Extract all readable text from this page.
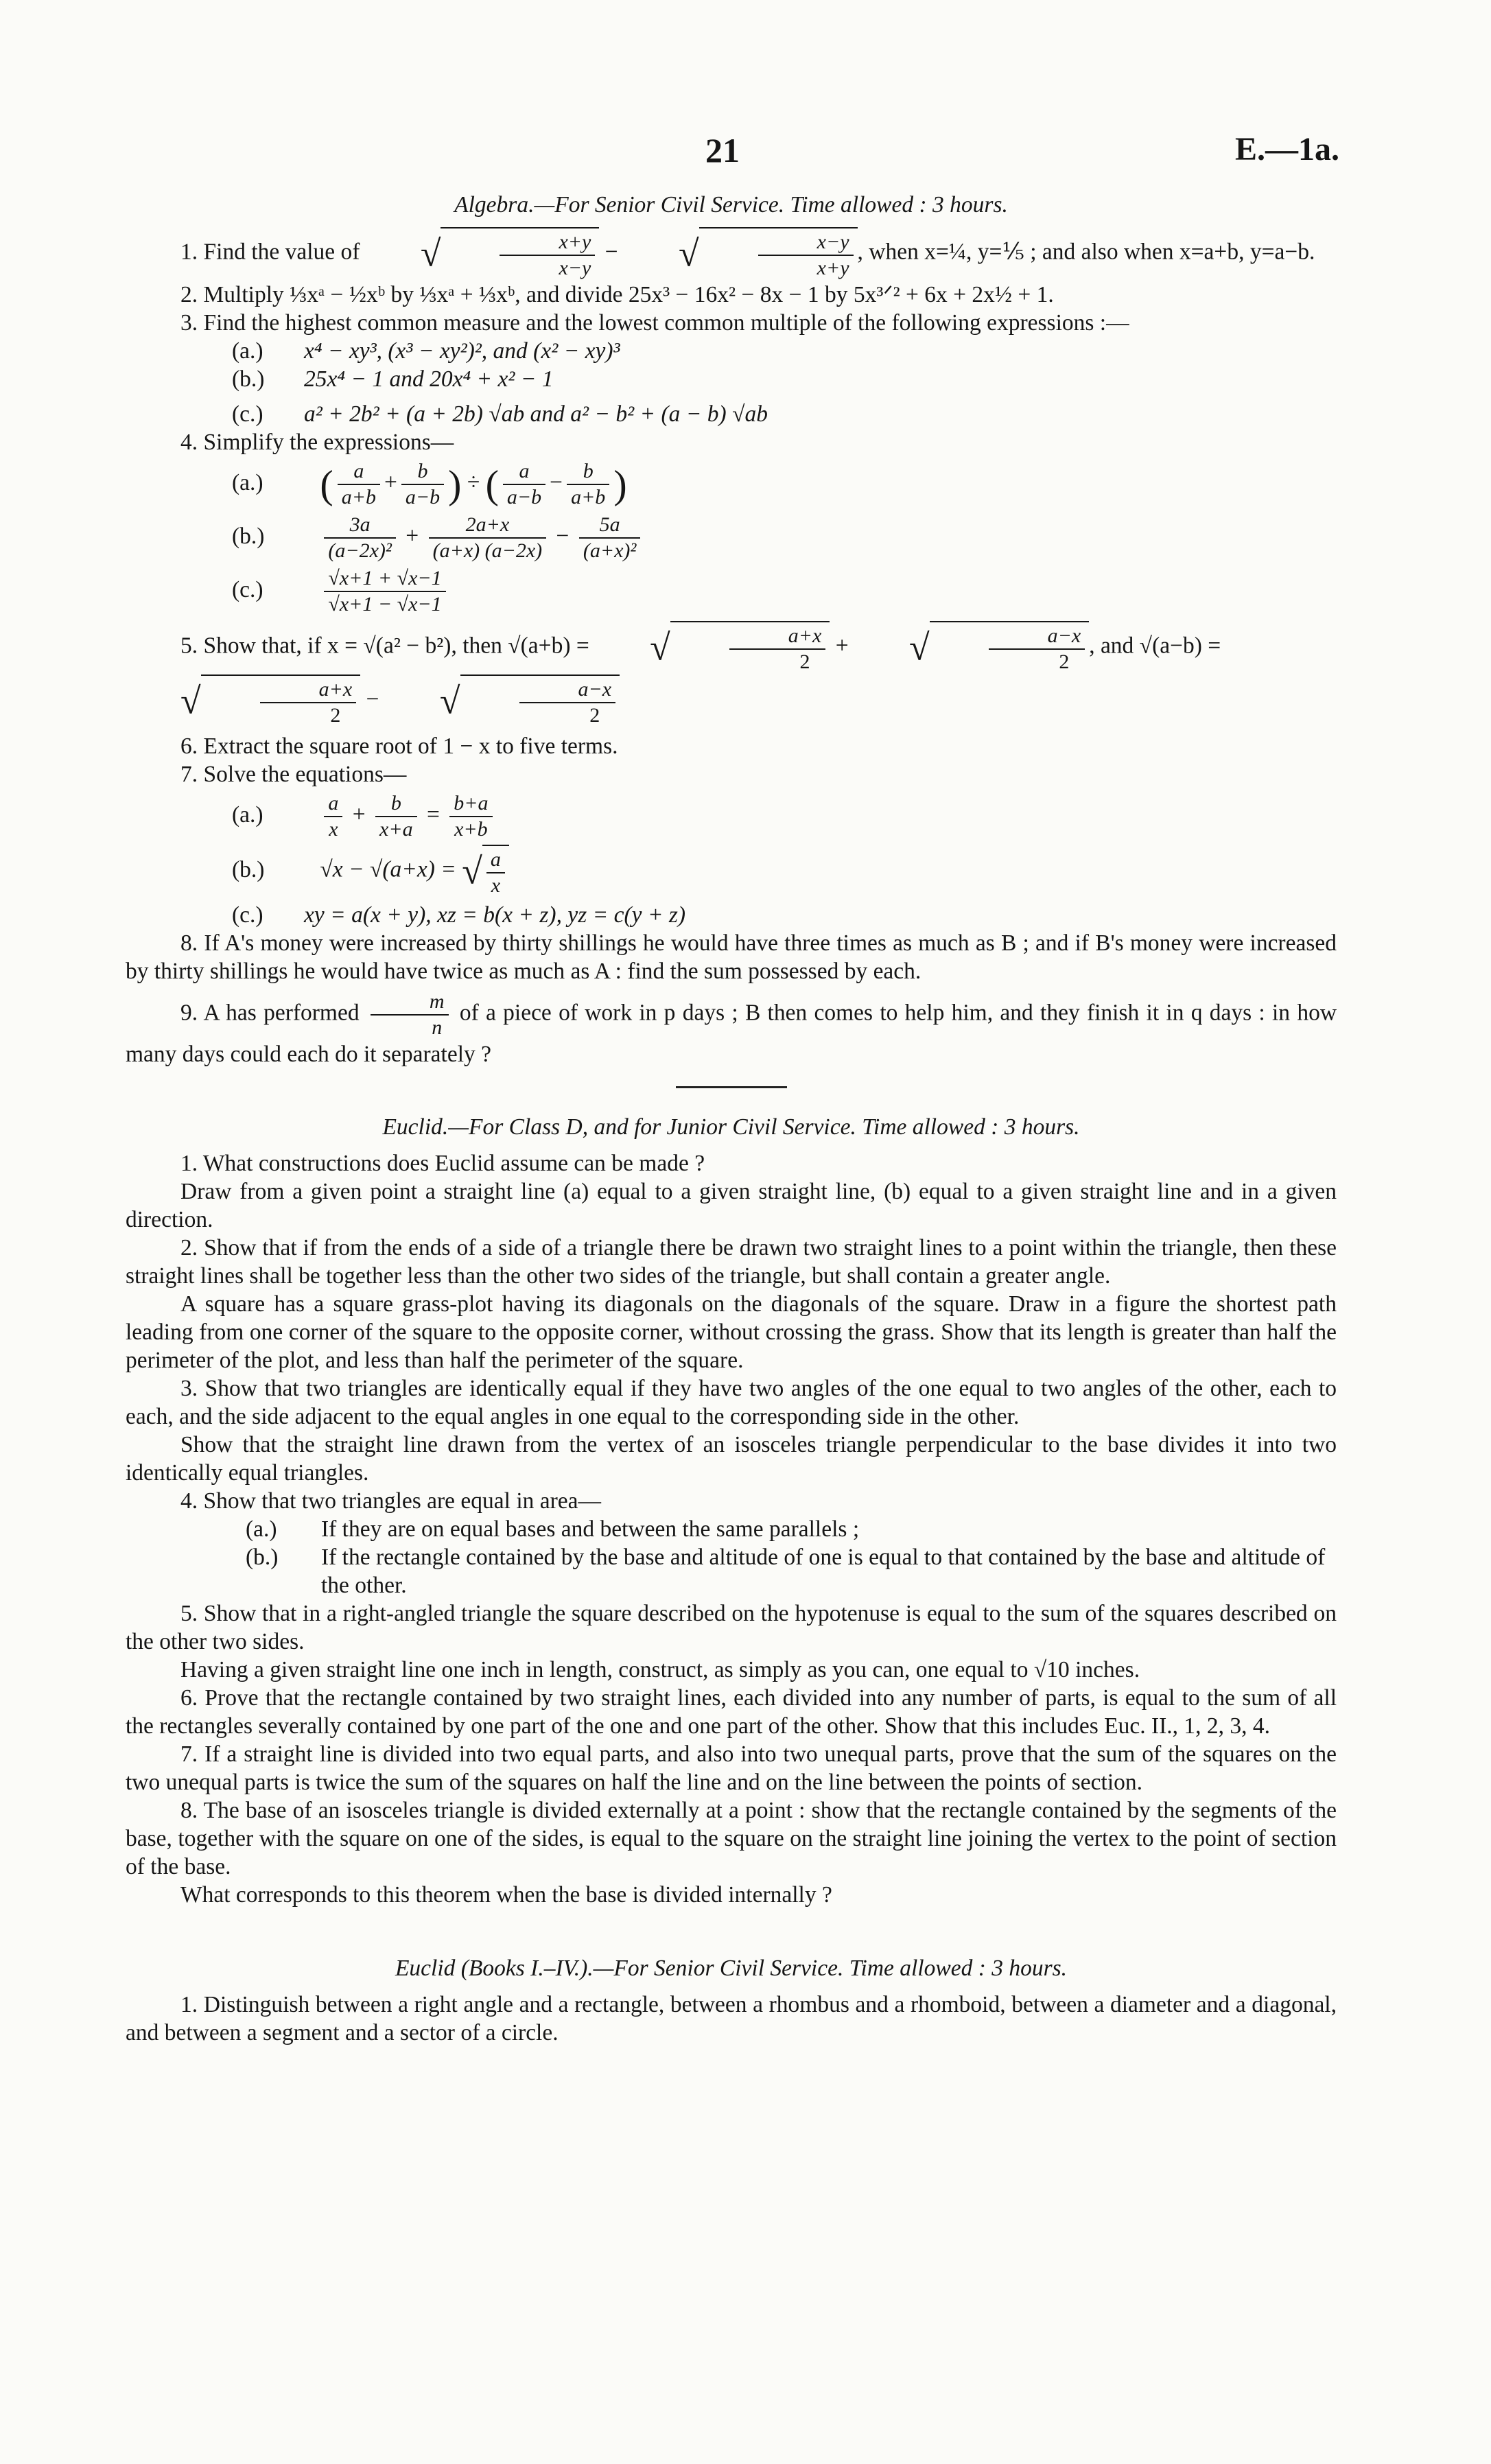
21	E.—1a.

Algebra.—For Senior Civil Service. Time allowed : 3 hours.

1. Find the value of √	$\frac{x+y}{x-y}$ − √	$\frac{x-y}{x+y}$ , when x=¼, y=⅕ ; and also when x=a+b, y=a−b.

2. Multiply ⅓xᵃ − ½xᵇ by ⅓xᵃ + ⅓xᵇ, and divide 25x³ − 16x² − 8x − 1 by 5x³ᐟ² + 6x + 2x½ + 1.

3. Find the highest common measure and the lowest common multiple of the following expressions :—

(a.) x⁴ − xy³, (x³ − xy²)², and (x² − xy)³

(b.) 25x⁴ − 1 and 20x⁴ + x² − 1

(c.) a² + 2b² + (a + 2b) √ab and a² − b² + (a − b) √ab

4. Simplify the expressions—

(a.) ( $\frac{a}{a+b} + \frac{b}{a-b}$ ) ÷ ( $\frac{a}{a-b} - \frac{b}{a+b}$ )
(b.)	$\frac{3a}{\text{(a−2x)²}} + \frac{2a+x}{(a+x) (a-2x)} - \frac{5a}{\text{(a+x)²}}$
(c.)	$\frac{√x+1 + √x-1}{√x+1 - √x-1}$

5. Show that, if x = √(a² − b²), then √(a+b) = √	$\frac{a+x}{2}$ + √	$\frac{a-x}{2}$ , and √(a−b) = √	$\frac{a+x}{2}$ − √	$\frac{a-x}{2}$

6. Extract the square root of 1 − x to five terms.

7. Solve the equations—

(a.)	$\frac{a}{x} + \frac{b}{x+a} = \frac{b+a}{x+b}$
(b.) √x − √(a+x) = √ $\frac{a}{x}$

(c.) xy = a(x + y), xz = b(x + z), yz = c(y + z)

8. If A's money were increased by thirty shillings he would have three times as much as B ; and if B's money were increased by thirty shillings he would have twice as much as A : find the sum possessed by each.

9. A has performed $\frac{m}{n}$ of a piece of work in p days ; B then comes to help him, and they finish it in q days : in how many days could each do it separately ?

Euclid.—For Class D, and for Junior Civil Service. Time allowed : 3 hours.

1. What constructions does Euclid assume can be made ?

Draw from a given point a straight line (a) equal to a given straight line, (b) equal to a given straight line and in a given direction.

2. Show that if from the ends of a side of a triangle there be drawn two straight lines to a point within the triangle, then these straight lines shall be together less than the other two sides of the triangle, but shall contain a greater angle.

A square has a square grass-plot having its diagonals on the diagonals of the square. Draw in a figure the shortest path leading from one corner of the square to the opposite corner, without crossing the grass. Show that its length is greater than half the perimeter of the plot, and less than half the perimeter of the square.

3. Show that two triangles are identically equal if they have two angles of the one equal to two angles of the other, each to each, and the side adjacent to the equal angles in one equal to the corresponding side in the other.

Show that the straight line drawn from the vertex of an isosceles triangle perpendicular to the base divides it into two identically equal triangles.

4. Show that two triangles are equal in area—

(a.) If they are on equal bases and between the same parallels ;

(b.) If the rectangle contained by the base and altitude of one is equal to that contained by the base and altitude of the other.

5. Show that in a right-angled triangle the square described on the hypotenuse is equal to the sum of the squares described on the other two sides.

Having a given straight line one inch in length, construct, as simply as you can, one equal to √10 inches.

6. Prove that the rectangle contained by two straight lines, each divided into any number of parts, is equal to the sum of all the rectangles severally contained by one part of the one and one part of the other. Show that this includes Euc. II., 1, 2, 3, 4.

7. If a straight line is divided into two equal parts, and also into two unequal parts, prove that the sum of the squares on the two unequal parts is twice the sum of the squares on half the line and on the line between the points of section.

8. The base of an isosceles triangle is divided externally at a point : show that the rectangle contained by the segments of the base, together with the square on one of the sides, is equal to the square on the straight line joining the vertex to the point of section of the base.

What corresponds to this theorem when the base is divided internally ?

Euclid (Books I.–IV.).—For Senior Civil Service. Time allowed : 3 hours.

1. Distinguish between a right angle and a rectangle, between a rhombus and a rhomboid, between a diameter and a diagonal, and between a segment and a sector of a circle.
